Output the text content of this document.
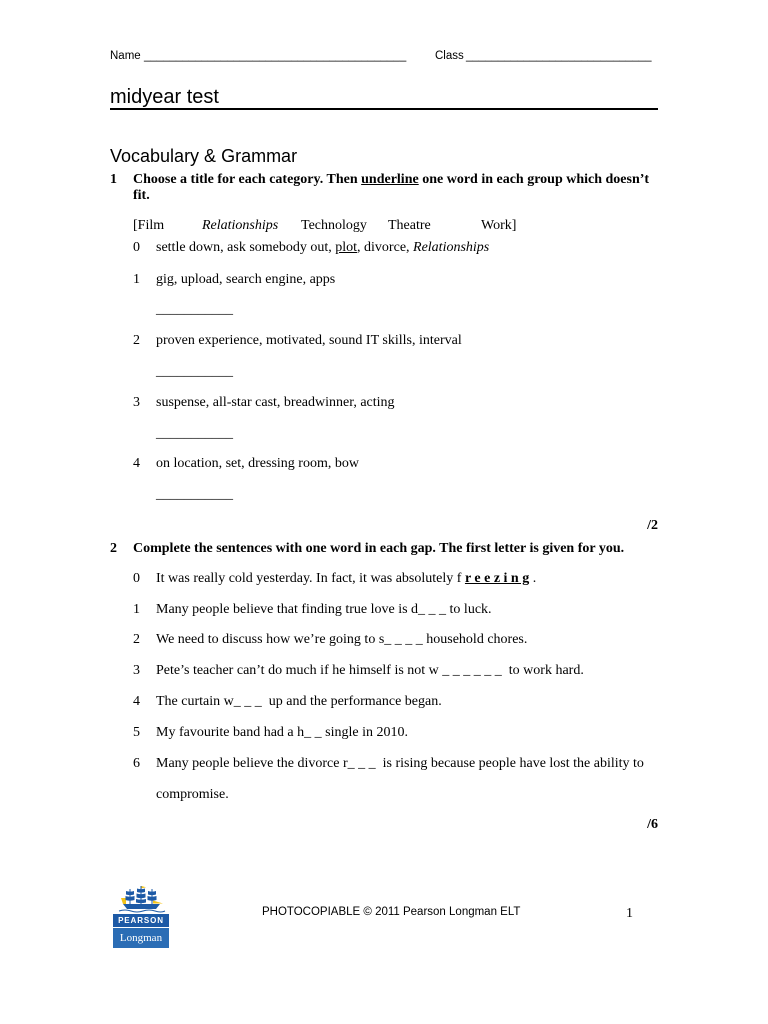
Name _________________________________________	Class _____________________________
midyear test
Vocabulary & Grammar
1 Choose a title for each category. Then underline one word in each group which doesn’t
fit.
[Film	Relationships Technology Theatre	Work]
0 settle down, ask somebody out, plot, divorce, Relationships
1 gig, upload, search engine, apps
___________
2 proven experience, motivated, sound IT skills, interval
___________
3 suspense, all-star cast, breadwinner, acting
___________
4 on location, set, dressing room, bow
___________
/2
2 Complete the sentences with one word in each gap. The first letter is given for you.
0 It was really cold yesterday. In fact, it was absolutely f r e e z i n g .
1 Many people believe that finding true love is d_ _ _ to luck.
2 We need to discuss how we’re going to s_ _ _ _ household chores.
3 Pete’s teacher can’t do much if he himself is not w _ _ _ _ _ _  to work hard.
4 The curtain w_ _ _  up and the performance began.
5 My favourite band had a h_ _ single in 2010.
6 Many people believe the divorce r_ _ _  is rising because people have lost the ability to
compromise.
/6
PEARSON
Longman
PHOTOCOPIABLE © 2011 Pearson Longman ELT	1
